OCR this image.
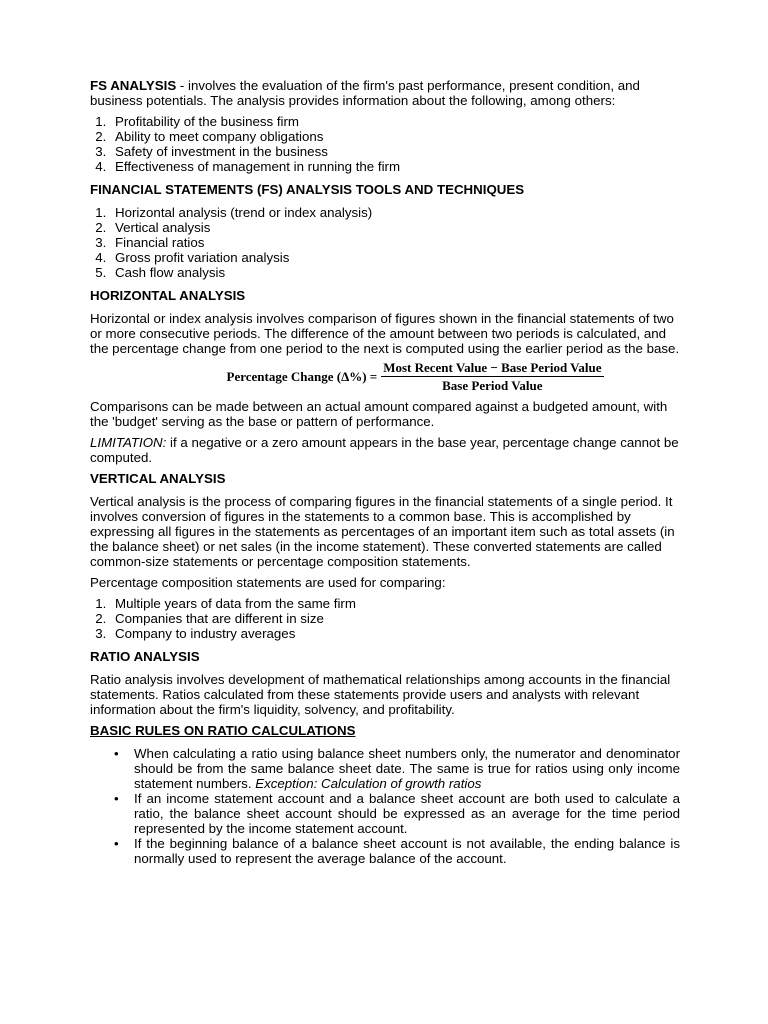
FS ANALYSIS - involves the evaluation of the firm's past performance, present condition, and business potentials. The analysis provides information about the following, among others:

1. Profitability of the business firm
2. Ability to meet company obligations
3. Safety of investment in the business
4. Effectiveness of management in running the firm

FINANCIAL STATEMENTS (FS) ANALYSIS TOOLS AND TECHNIQUES

1. Horizontal analysis (trend or index analysis)
2. Vertical analysis
3. Financial ratios
4. Gross profit variation analysis
5. Cash flow analysis

HORIZONTAL ANALYSIS

Horizontal or index analysis involves comparison of figures shown in the financial statements of two or more consecutive periods. The difference of the amount between two periods is calculated, and the percentage change from one period to the next is computed using the earlier period as the base.

Percentage Change $(\Delta\%) = \frac{\text{Most Recent Value − Base Period Value}}{\text{Base Period Value}}$

Comparisons can be made between an actual amount compared against a budgeted amount, with the 'budget' serving as the base or pattern of performance.

LIMITATION: if a negative or a zero amount appears in the base year, percentage change cannot be computed.

VERTICAL ANALYSIS

Vertical analysis is the process of comparing figures in the financial statements of a single period. It involves conversion of figures in the statements to a common base. This is accomplished by expressing all figures in the statements as percentages of an important item such as total assets (in the balance sheet) or net sales (in the income statement). These converted statements are called common-size statements or percentage composition statements.

Percentage composition statements are used for comparing:

1. Multiple years of data from the same firm
2. Companies that are different in size
3. Company to industry averages

RATIO ANALYSIS

Ratio analysis involves development of mathematical relationships among accounts in the financial statements. Ratios calculated from these statements provide users and analysts with relevant information about the firm's liquidity, solvency, and profitability.

BASIC RULES ON RATIO CALCULATIONS

• When calculating a ratio using balance sheet numbers only, the numerator and denominator should be from the same balance sheet date. The same is true for ratios using only income statement numbers. Exception: Calculation of growth ratios
• If an income statement account and a balance sheet account are both used to calculate a ratio, the balance sheet account should be expressed as an average for the time period represented by the income statement account.
• If the beginning balance of a balance sheet account is not available, the ending balance is normally used to represent the average balance of the account.
